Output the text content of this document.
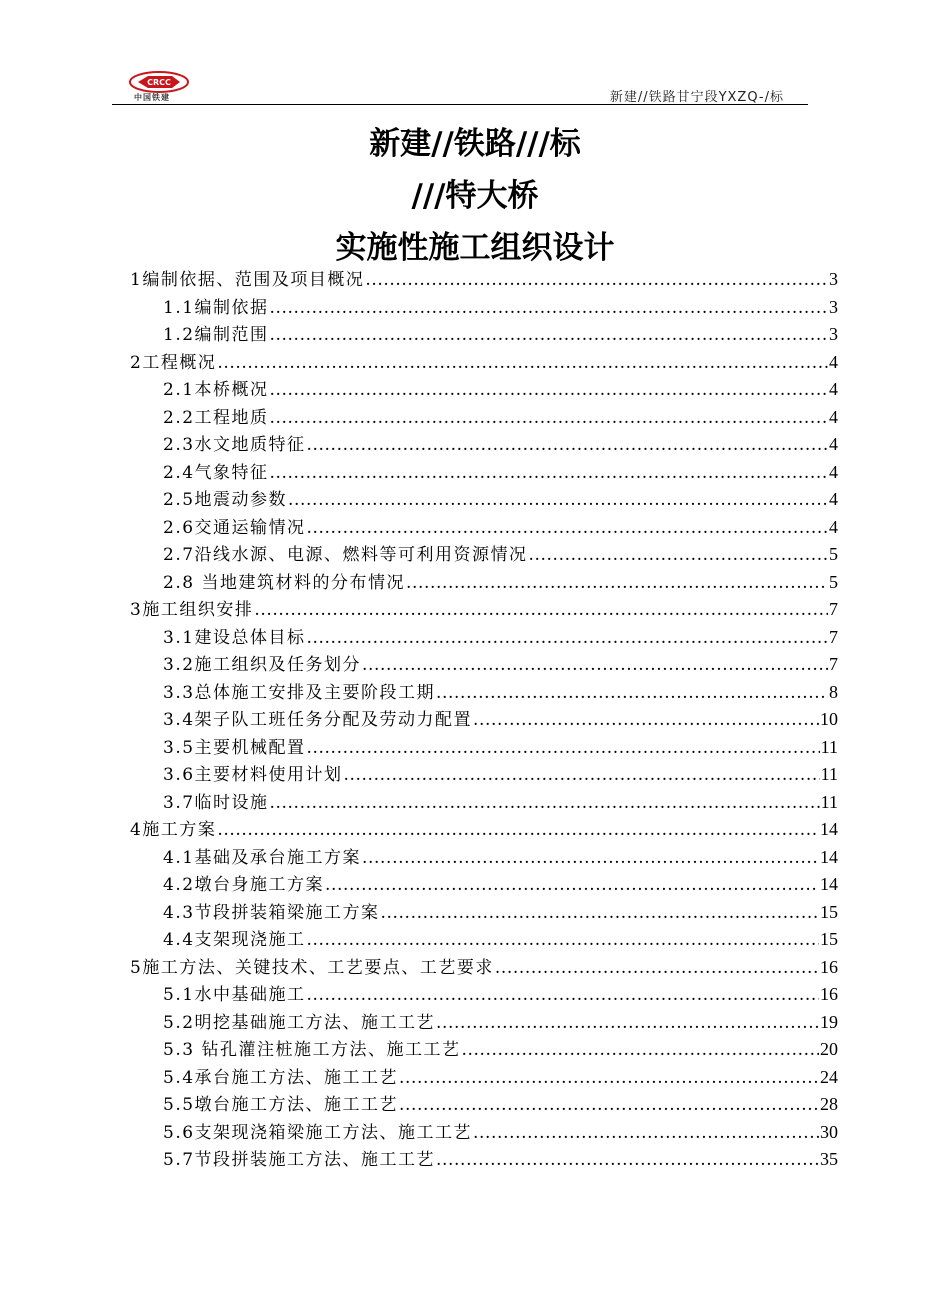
CRCC
中国铁建	新建//铁路甘宁段YXZQ-/标
新建//铁路///标
///特大桥
实施性施工组织设计
1编制依据、范围及项目概况 .....	3
1.1编制依据 .....	3
1.2编制范围 .....	3
2工程概况 .....	4
2.1本桥概况 .....	4
2.2工程地质 .....	4
2.3水文地质特征 .....	4
2.4气象特征 .....	4
2.5地震动参数 .....	4
2.6交通运输情况 .....	4
2.7沿线水源、电源、燃料等可利用资源情况 .....	5
2.8 当地建筑材料的分布情况 .....	5
3施工组织安排 .....	7
3.1建设总体目标 .....	7
3.2施工组织及任务划分 .....	7
3.3总体施工安排及主要阶段工期 .....	8
3.4架子队工班任务分配及劳动力配置 .....	10
3.5主要机械配置 .....	11
3.6主要材料使用计划 .....	11
3.7临时设施 .....	11
4施工方案 .....	14
4.1基础及承台施工方案 .....	14
4.2墩台身施工方案 .....	14
4.3节段拼装箱梁施工方案 .....	15
4.4支架现浇施工 .....	15
5施工方法、关键技术、工艺要点、工艺要求 .....	16
5.1水中基础施工 .....	16
5.2明挖基础施工方法、施工工艺 .....	19
5.3 钻孔灌注桩施工方法、施工工艺 .....	20
5.4承台施工方法、施工工艺 .....	24
5.5墩台施工方法、施工工艺 .....	28
5.6支架现浇箱梁施工方法、施工工艺 .....	30
5.7节段拼装施工方法、施工工艺 .....	35
